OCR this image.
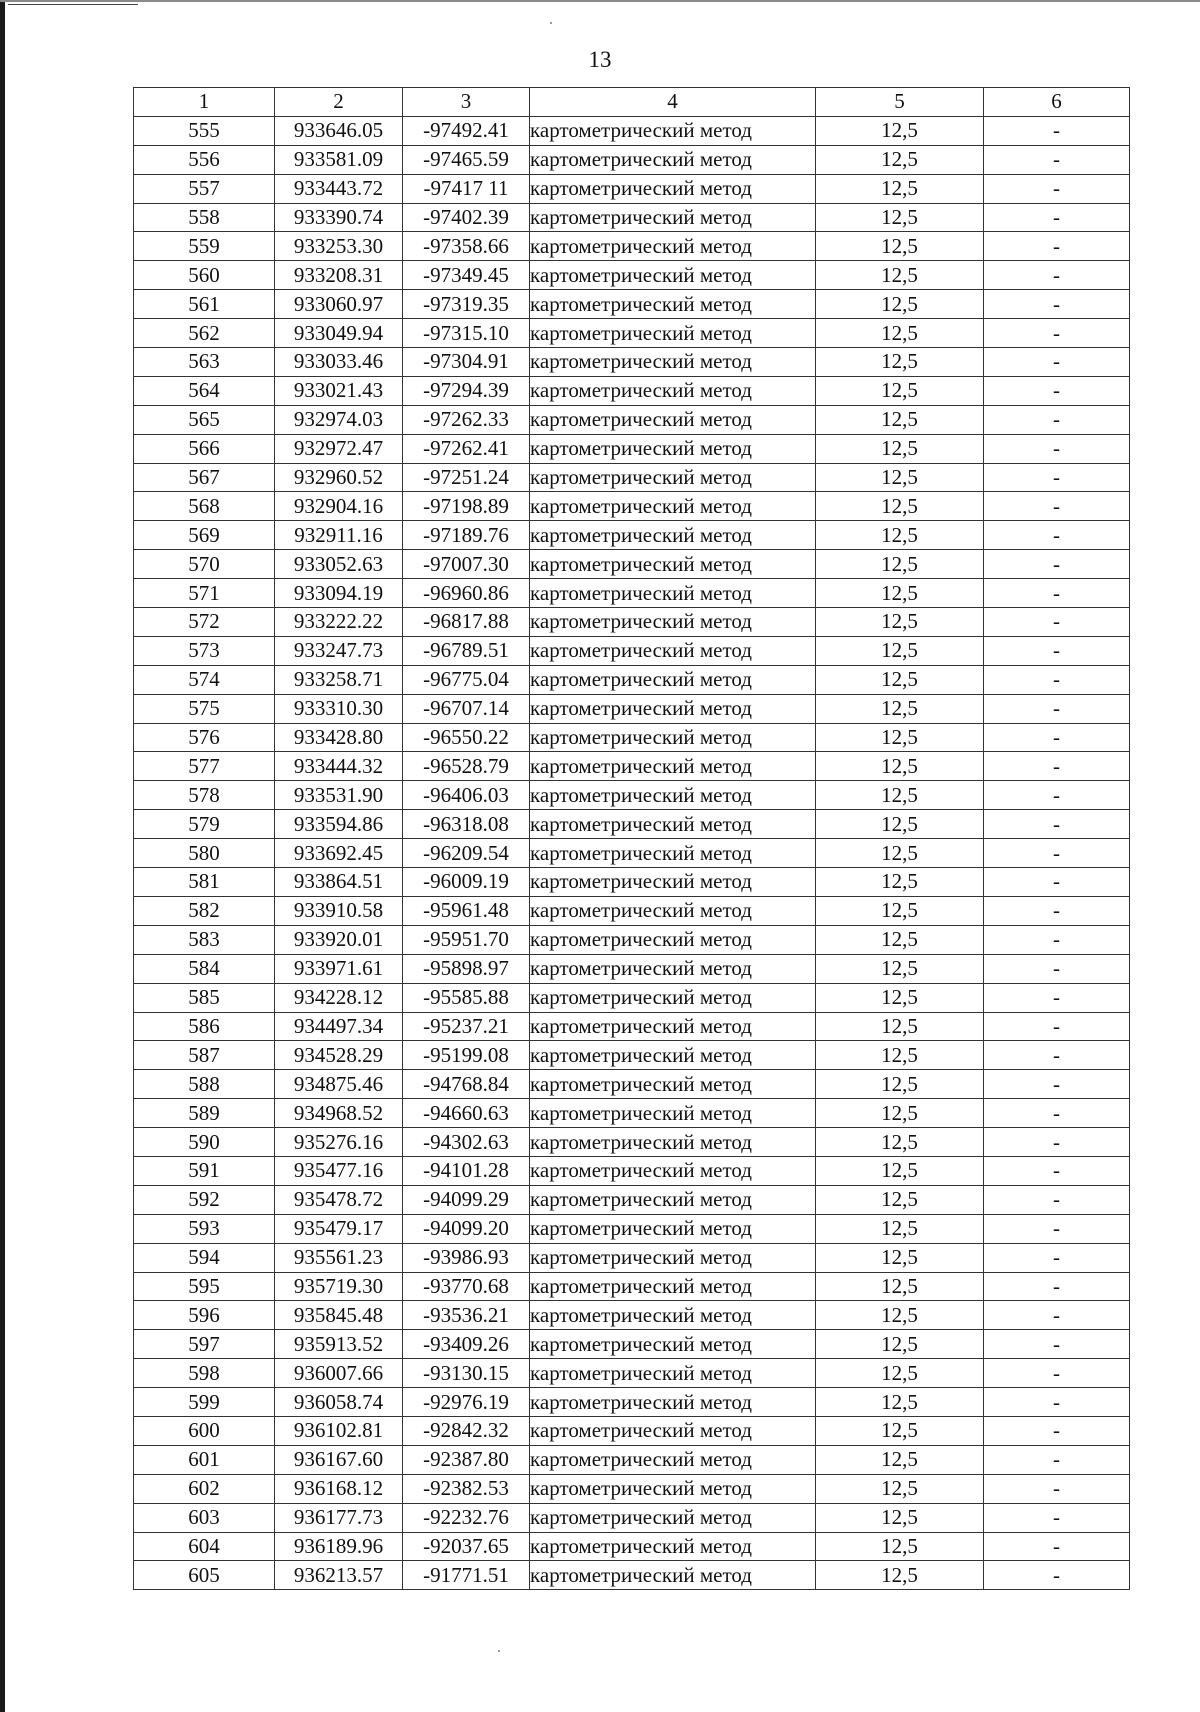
13
1	2	3	4	5	6
555	933646.05	-97492.41	картометрический метод	12,5	-
556	933581.09	-97465.59	картометрический метод	12,5	-
557	933443.72	-97417 11	картометрический метод	12,5	-
558	933390.74	-97402.39	картометрический метод	12,5	-
559	933253.30	-97358.66	картометрический метод	12,5	-
560	933208.31	-97349.45	картометрический метод	12,5	-
561	933060.97	-97319.35	картометрический метод	12,5	-
562	933049.94	-97315.10	картометрический метод	12,5	-
563	933033.46	-97304.91	картометрический метод	12,5	-
564	933021.43	-97294.39	картометрический метод	12,5	-
565	932974.03	-97262.33	картометрический метод	12,5	-
566	932972.47	-97262.41	картометрический метод	12,5	-
567	932960.52	-97251.24	картометрический метод	12,5	-
568	932904.16	-97198.89	картометрический метод	12,5	-
569	932911.16	-97189.76	картометрический метод	12,5	-
570	933052.63	-97007.30	картометрический метод	12,5	-
571	933094.19	-96960.86	картометрический метод	12,5	-
572	933222.22	-96817.88	картометрический метод	12,5	-
573	933247.73	-96789.51	картометрический метод	12,5	-
574	933258.71	-96775.04	картометрический метод	12,5	-
575	933310.30	-96707.14	картометрический метод	12,5	-
576	933428.80	-96550.22	картометрический метод	12,5	-
577	933444.32	-96528.79	картометрический метод	12,5	-
578	933531.90	-96406.03	картометрический метод	12,5	-
579	933594.86	-96318.08	картометрический метод	12,5	-
580	933692.45	-96209.54	картометрический метод	12,5	-
581	933864.51	-96009.19	картометрический метод	12,5	-
582	933910.58	-95961.48	картометрический метод	12,5	-
583	933920.01	-95951.70	картометрический метод	12,5	-
584	933971.61	-95898.97	картометрический метод	12,5	-
585	934228.12	-95585.88	картометрический метод	12,5	-
586	934497.34	-95237.21	картометрический метод	12,5	-
587	934528.29	-95199.08	картометрический метод	12,5	-
588	934875.46	-94768.84	картометрический метод	12,5	-
589	934968.52	-94660.63	картометрический метод	12,5	-
590	935276.16	-94302.63	картометрический метод	12,5	-
591	935477.16	-94101.28	картометрический метод	12,5	-
592	935478.72	-94099.29	картометрический метод	12,5	-
593	935479.17	-94099.20	картометрический метод	12,5	-
594	935561.23	-93986.93	картометрический метод	12,5	-
595	935719.30	-93770.68	картометрический метод	12,5	-
596	935845.48	-93536.21	картометрический метод	12,5	-
597	935913.52	-93409.26	картометрический метод	12,5	-
598	936007.66	-93130.15	картометрический метод	12,5	-
599	936058.74	-92976.19	картометрический метод	12,5	-
600	936102.81	-92842.32	картометрический метод	12,5	-
601	936167.60	-92387.80	картометрический метод	12,5	-
602	936168.12	-92382.53	картометрический метод	12,5	-
603	936177.73	-92232.76	картометрический метод	12,5	-
604	936189.96	-92037.65	картометрический метод	12,5	-
605	936213.57	-91771.51	картометрический метод	12,5	-
